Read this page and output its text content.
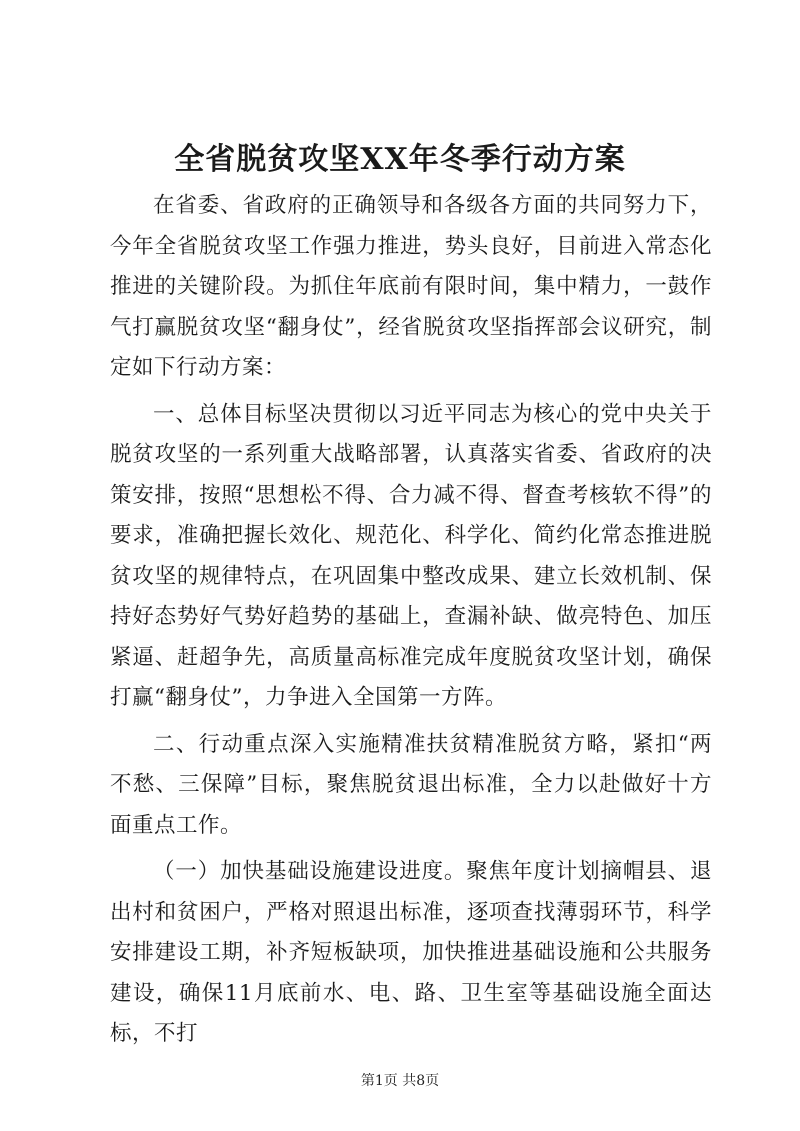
全省脱贫攻坚XX年冬季行动方案

在省委、省政府的正确领导和各级各方面的共同努力下，今年全省脱贫攻坚工作强力推进，势头良好，目前进入常态化推进的关键阶段。为抓住年底前有限时间，集中精力，一鼓作气打赢脱贫攻坚“翻身仗”，经省脱贫攻坚指挥部会议研究，制定如下行动方案：

一、总体目标坚决贯彻以习近平同志为核心的党中央关于脱贫攻坚的一系列重大战略部署，认真落实省委、省政府的决策安排，按照“思想松不得、合力减不得、督查考核软不得”的要求，准确把握长效化、规范化、科学化、简约化常态推进脱贫攻坚的规律特点，在巩固集中整改成果、建立长效机制、保持好态势好气势好趋势的基础上，查漏补缺、做亮特色、加压紧逼、赶超争先，高质量高标准完成年度脱贫攻坚计划，确保打赢“翻身仗”，力争进入全国第一方阵。

二、行动重点深入实施精准扶贫精准脱贫方略，紧扣“两不愁、三保障”目标，聚焦脱贫退出标准，全力以赴做好十方面重点工作。

（一）加快基础设施建设进度。聚焦年度计划摘帽县、退出村和贫困户，严格对照退出标准，逐项查找薄弱环节，科学安排建设工期，补齐短板缺项，加快推进基础设施和公共服务建设，确保11月底前水、电、路、卫生室等基础设施全面达标，不打

第1页 共8页
